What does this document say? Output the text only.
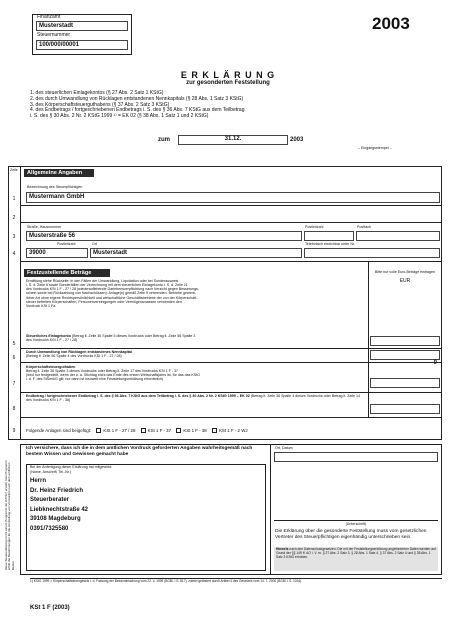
Finanzamt
Musterstadt
Steuernummer
100/000/00001
2003
E R K L Ä R U N G
zur gesonderten Feststellung
1. des steuerlichen Einlagekontos (§ 27 Abs. 2 Satz 1 KStG)
2. des durch Umwandlung von Rücklagen entstandenen Nennkapitals (§ 28 Abs. 1 Satz 3 KStG)
3. des Körperschaftsteuerguthabens (§ 37 Abs. 2 Satz 3 KStG)
4. des Endbetrags / fortgeschriebenen Endbetrags i. S. des § 36 Abs. 7 KStG aus dem Teilbetrag
i. S. des § 30 Abs. 2 Nr. 2 KStG 1999 ¹⁾ = EK 02 (§ 38 Abs. 1 Satz 1 und 2 KStG)
zum	31.12.	2003
– Eingangsstempel –
Zeile	Allgemeine Angaben
Bezeichnung des Steuerpflichtigen
Mustermann GmbH
1
2
Straße, Hausnummer	Postleitzahl	Postfach
Musterstraße 56
3
Postleitzahl	Ort	Telefonisch erreichbar unter Nr.
39000	Musterstadt
4
Festzustellende Beträge	Bitte nur volle Euro-Beträge eintragen
EUR
Ermittlung siehe Rückseite; in den Fällen der Umwandlung, Liquidation oder bei Sonderausweis
i. S. d. Zeile 6 sowie Sonderfällen der Verrechnung mit dem steuerlichen Einlagekonto i. S. d. Zeile 21
des Vordrucks KSt 1 F - 27 / 28 (wiederauflebende Darlehensverpflichtung nach Verzicht gegen Besserungs-
schein sowie bei Rückzahlung von Nachschüssen): Anlage(n) gemäß Zeile 9 verwenden. Betriebe gewerb-
licher Art ohne eigene Rechtspersönlichkeit und wirtschaftliche Geschäftsbetriebe der von der Körperschaft-
steuer befreiten Körperschaften, Personenvereinigungen oder Vermögensmassen verwenden den
Vordruck KSt 1 Fa.
Steuerliches Einlagekonto (Betrag lt. Zeile 36 Spalte 5 dieses Vordrucks oder Betrag lt. Zeile 56 Spalte 3
des Vordrucks KSt 1 F - 27 / 28)
5
Durch Umwandlung von Rücklagen entstandenes Nennkapital
(Betrag lt. Zeile 56 Spalte 4 des Vordrucks KSt 1 F - 27 / 28)
6
0
Körperschaftsteuerguthaben
Betrag lt. Zeile 36 Spalte 3 dieses Vordrucks oder Betrag lt. Zeile 17 des Vordrucks KSt 1 F - 37
(wird nur festgestellt, wenn der o. a. Stichtag nicht das Ende des ersten Wirtschaftsjahrs ist, für das das KStG
i. d. F. des StSenkG gilt; nur dann ist insoweit eine Feststellungserklärung erforderlich)
7
Endbetrag / fortgeschriebener Endbetrag i. S. des § 36 Abs. 7 KStG aus dem Teilbetrag i. S. des § 30 Abs. 2 Nr. 2 KStG 1999 – EK 02 (Betrag lt. Zeile 36 Spalte 4 dieses Vordrucks oder Betrag lt. Zeile 14 des Vordrucks KSt 1 F - 38)
8
9	Folgende Anlagen sind beigefügt:	KSt 1 F - 27 / 28	KSt 1 F - 37	KSt 1 F - 38	KSt 1 F - 2 WJ
Diese Steuererklärung ist mit einem Programm der DATEV erstellt. Das Programm erfüllt die Bestimmungen für die Herstellung von Vordrucken nach dem amtlichen Muster.
Ich versichere, dass ich die in dem amtlichen Vordruck geforderten Angaben wahrheitsgemäß nach bestem Wissen und Gewissen gemacht habe
Bei der Anfertigung dieser Erklärung hat mitgewirkt:
(Name, Anschrift, Tel.-Nr.)
Herrn
Dr. Heinz Friedrich
Steuerberater
Liebknechtstraße 42
39108 Magdeburg
0391/7325580
Ort, Datum
(Unterschrift)
Die Erklärung über die gesonderte Feststellung muss vom gesetzlichen Vertreter des Steuerpflichtigen eigenhändig unterschrieben sein.
Hinweis nach den Datenschutzgesetzen: Die mit der Feststellungserklärung angeforderten Daten werden auf Grund der §§ 149 ff. AO i. V. m. § 27 Abs. 2 Satz 3, § 28 Abs. 1 Satz 4, § 37 Abs. 2 Satz 4 und § 38 Abs. 1 Satz 3 KStG erhoben.
1) KStG 1999 = Körperschaftsteuergesetz i. d. Fassung der Bekanntmachung vom 22. 4. 1999 (BGBl. I S. 817), zuletzt geändert durch Artikel 4 des Gesetzes vom 14. 7. 2000 (BGBl. I S. 1034).
KSt 1 F (2003)
